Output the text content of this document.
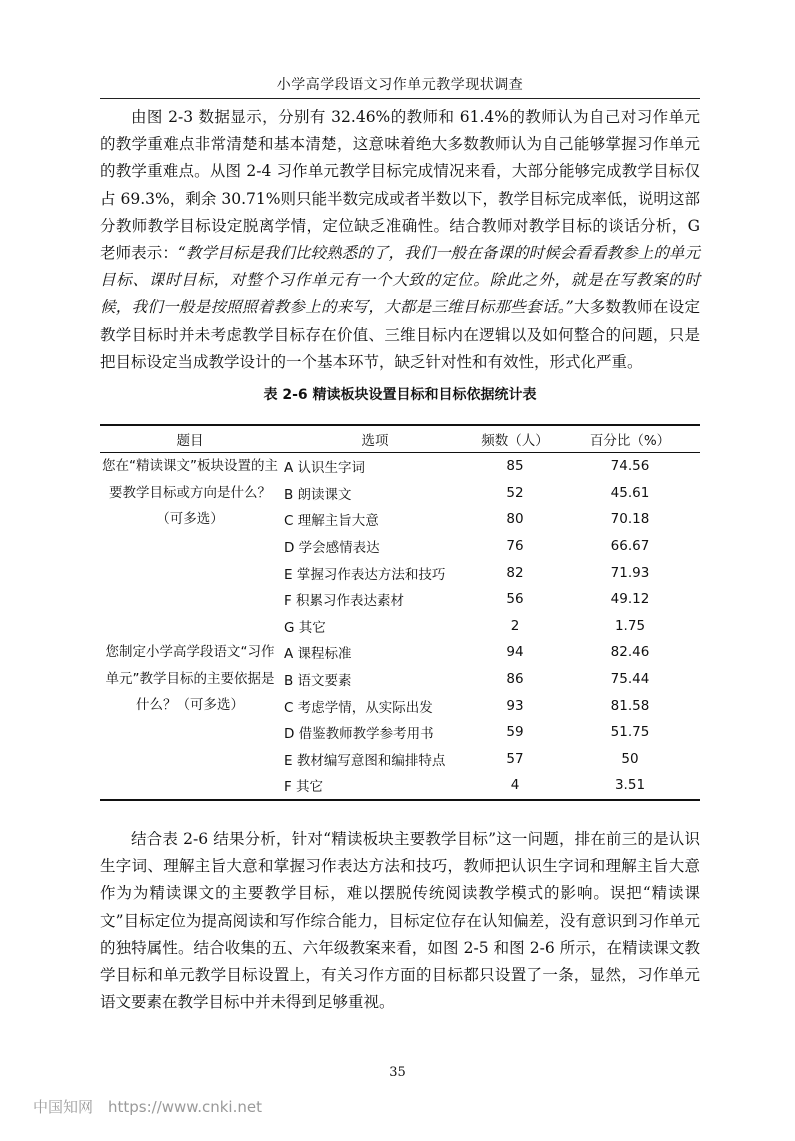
小学高学段语文习作单元教学现状调查

由图 2-3 数据显示，分别有 32.46%的教师和 61.4%的教师认为自己对习作单元的教学重难点非常清楚和基本清楚，这意味着绝大多数教师认为自己能够掌握习作单元的教学重难点。从图 2-4 习作单元教学目标完成情况来看，大部分能够完成教学目标仅占 69.3%，剩余 30.71%则只能半数完成或者半数以下，教学目标完成率低，说明这部分教师教学目标设定脱离学情，定位缺乏准确性。结合教师对教学目标的谈话分析，G 老师表示：“教学目标是我们比较熟悉的了，我们一般在备课的时候会看看教参上的单元目标、课时目标，对整个习作单元有一个大致的定位。除此之外，就是在写教案的时候，我们一般是按照照着教参上的来写，大都是三维目标那些套话。”大多数教师在设定教学目标时并未考虑教学目标存在价值、三维目标内在逻辑以及如何整合的问题，只是把目标设定当成教学设计的一个基本环节，缺乏针对性和有效性，形式化严重。

表 2-6 精读板块设置目标和目标依据统计表
题目	选项	频数（人）	百分比（%）
您在“精读课文”板块设置的主要教学目标或方向是什么？（可多选）	A 认识生字词	85	74.56
	B 朗读课文	52	45.61
	C 理解主旨大意	80	70.18
	D 学会感情表达	76	66.67
	E 掌握习作表达方法和技巧	82	71.93
	F 积累习作表达素材	56	49.12
	G 其它	2	1.75
您制定小学高学段语文“习作单元”教学目标的主要依据是什么？（可多选）	A 课程标准	94	82.46
	B 语文要素	86	75.44
	C 考虑学情，从实际出发	93	81.58
	D 借鉴教师教学参考用书	59	51.75
	E 教材编写意图和编排特点	57	50
	F 其它	4	3.51

结合表 2-6 结果分析，针对“精读板块主要教学目标”这一问题，排在前三的是认识生字词、理解主旨大意和掌握习作表达方法和技巧，教师把认识生字词和理解主旨大意作为为精读课文的主要教学目标，难以摆脱传统阅读教学模式的影响。误把“精读课文”目标定位为提高阅读和写作综合能力，目标定位存在认知偏差，没有意识到习作单元的独特属性。结合收集的五、六年级教案来看，如图 2-5 和图 2-6 所示，在精读课文教学目标和单元教学目标设置上，有关习作方面的目标都只设置了一条，显然，习作单元语文要素在教学目标中并未得到足够重视。

35
中国知网　https://www.cnki.net
